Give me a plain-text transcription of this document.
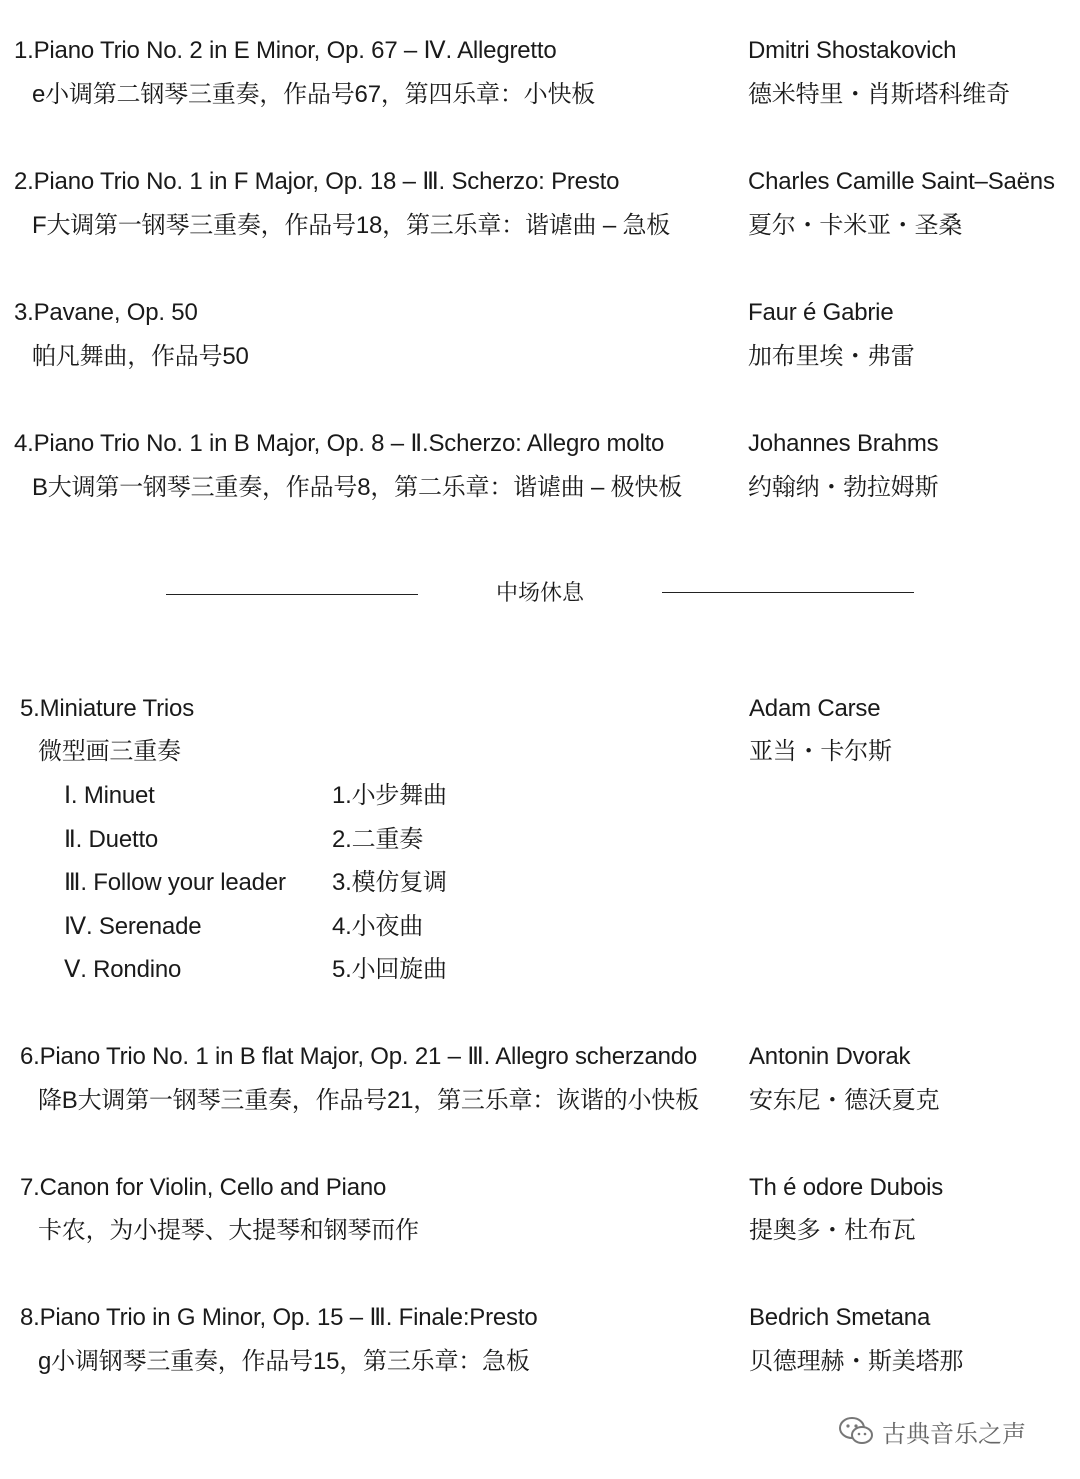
1.Piano Trio No. 2 in E Minor, Op. 67 – Ⅳ. Allegretto
e小调第二钢琴三重奏，作品号67，第四乐章：小快板
Dmitri Shostakovich
德米特里・肖斯塔科维奇
2.Piano Trio No. 1 in F Major, Op. 18 – Ⅲ. Scherzo: Presto
F大调第一钢琴三重奏，作品号18，第三乐章：谐谑曲 – 急板
Charles Camille Saint–Saëns
夏尔・卡米亚・圣桑
3.Pavane, Op. 50
帕凡舞曲，作品号50
Faur é Gabrie
加布里埃・弗雷
4.Piano Trio No. 1 in B Major, Op. 8 – Ⅱ.Scherzo: Allegro molto
B大调第一钢琴三重奏，作品号8，第二乐章：谐谑曲 – 极快板
Johannes Brahms
约翰纳・勃拉姆斯
中场休息
5.Miniature Trios
微型画三重奏
Adam Carse
亚当・卡尔斯
Ⅰ. Minuet	1.小步舞曲
Ⅱ. Duetto	2.二重奏
Ⅲ. Follow your leader 3.模仿复调
Ⅳ. Serenade	4.小夜曲
Ⅴ. Rondino	5.小回旋曲
6.Piano Trio No. 1 in B flat Major, Op. 21 – Ⅲ. Allegro scherzando
降B大调第一钢琴三重奏，作品号21，第三乐章：诙谐的小快板
Antonin Dvorak
安东尼・德沃夏克
7.Canon for Violin, Cello and Piano
卡农，为小提琴、大提琴和钢琴而作
Th é odore Dubois
提奥多・杜布瓦
8.Piano Trio in G Minor, Op. 15 – Ⅲ. Finale:Presto
g小调钢琴三重奏，作品号15，第三乐章：急板
Bedrich Smetana
贝德理赫・斯美塔那
古典音乐之声
